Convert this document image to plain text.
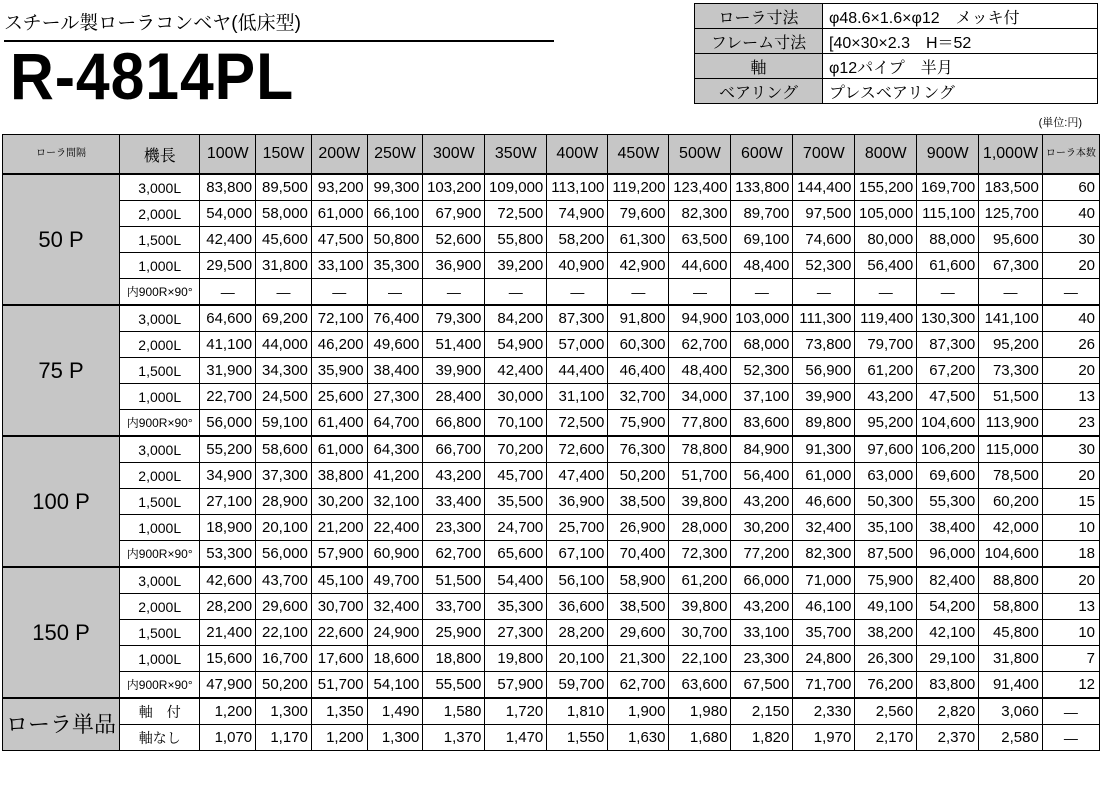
スチール製ローラコンベヤ(低床型)
R-4814PL
ローラ寸法	φ48.6×1.6×φ12　メッキ付
フレーム寸法	[40×30×2.3　H＝52
軸	φ12パイプ　半月
ベアリング	プレスベアリング
(単位:円)
ローラ間隔	機長	100W	150W	200W	250W	300W	350W	400W	450W	500W	600W	700W	800W	900W	1,000W	ローラ本数
50 P	3,000L	83,800	89,500	93,200	99,300	103,200	109,000	113,100	119,200	123,400	133,800	144,400	155,200	169,700	183,500	60
	2,000L	54,000	58,000	61,000	66,100	67,900	72,500	74,900	79,600	82,300	89,700	97,500	105,000	115,100	125,700	40
	1,500L	42,400	45,600	47,500	50,800	52,600	55,800	58,200	61,300	63,500	69,100	74,600	80,000	88,000	95,600	30
	1,000L	29,500	31,800	33,100	35,300	36,900	39,200	40,900	42,900	44,600	48,400	52,300	56,400	61,600	67,300	20
	内900R×90°	—	—	—	—	—	—	—	—	—	—	—	—	—	—	—
75 P	3,000L	64,600	69,200	72,100	76,400	79,300	84,200	87,300	91,800	94,900	103,000	111,300	119,400	130,300	141,100	40
	2,000L	41,100	44,000	46,200	49,600	51,400	54,900	57,000	60,300	62,700	68,000	73,800	79,700	87,300	95,200	26
	1,500L	31,900	34,300	35,900	38,400	39,900	42,400	44,400	46,400	48,400	52,300	56,900	61,200	67,200	73,300	20
	1,000L	22,700	24,500	25,600	27,300	28,400	30,000	31,100	32,700	34,000	37,100	39,900	43,200	47,500	51,500	13
	内900R×90°	56,000	59,100	61,400	64,700	66,800	70,100	72,500	75,900	77,800	83,600	89,800	95,200	104,600	113,900	23
100 P	3,000L	55,200	58,600	61,000	64,300	66,700	70,200	72,600	76,300	78,800	84,900	91,300	97,600	106,200	115,000	30
	2,000L	34,900	37,300	38,800	41,200	43,200	45,700	47,400	50,200	51,700	56,400	61,000	63,000	69,600	78,500	20
	1,500L	27,100	28,900	30,200	32,100	33,400	35,500	36,900	38,500	39,800	43,200	46,600	50,300	55,300	60,200	15
	1,000L	18,900	20,100	21,200	22,400	23,300	24,700	25,700	26,900	28,000	30,200	32,400	35,100	38,400	42,000	10
	内900R×90°	53,300	56,000	57,900	60,900	62,700	65,600	67,100	70,400	72,300	77,200	82,300	87,500	96,000	104,600	18
150 P	3,000L	42,600	43,700	45,100	49,700	51,500	54,400	56,100	58,900	61,200	66,000	71,000	75,900	82,400	88,800	20
	2,000L	28,200	29,600	30,700	32,400	33,700	35,300	36,600	38,500	39,800	43,200	46,100	49,100	54,200	58,800	13
	1,500L	21,400	22,100	22,600	24,900	25,900	27,300	28,200	29,600	30,700	33,100	35,700	38,200	42,100	45,800	10
	1,000L	15,600	16,700	17,600	18,600	18,800	19,800	20,100	21,300	22,100	23,300	24,800	26,300	29,100	31,800	7
	内900R×90°	47,900	50,200	51,700	54,100	55,500	57,900	59,700	62,700	63,600	67,500	71,700	76,200	83,800	91,400	12
ローラ単品	軸　付	1,200	1,300	1,350	1,490	1,580	1,720	1,810	1,900	1,980	2,150	2,330	2,560	2,820	3,060	—
	軸なし	1,070	1,170	1,200	1,300	1,370	1,470	1,550	1,630	1,680	1,820	1,970	2,170	2,370	2,580	—
